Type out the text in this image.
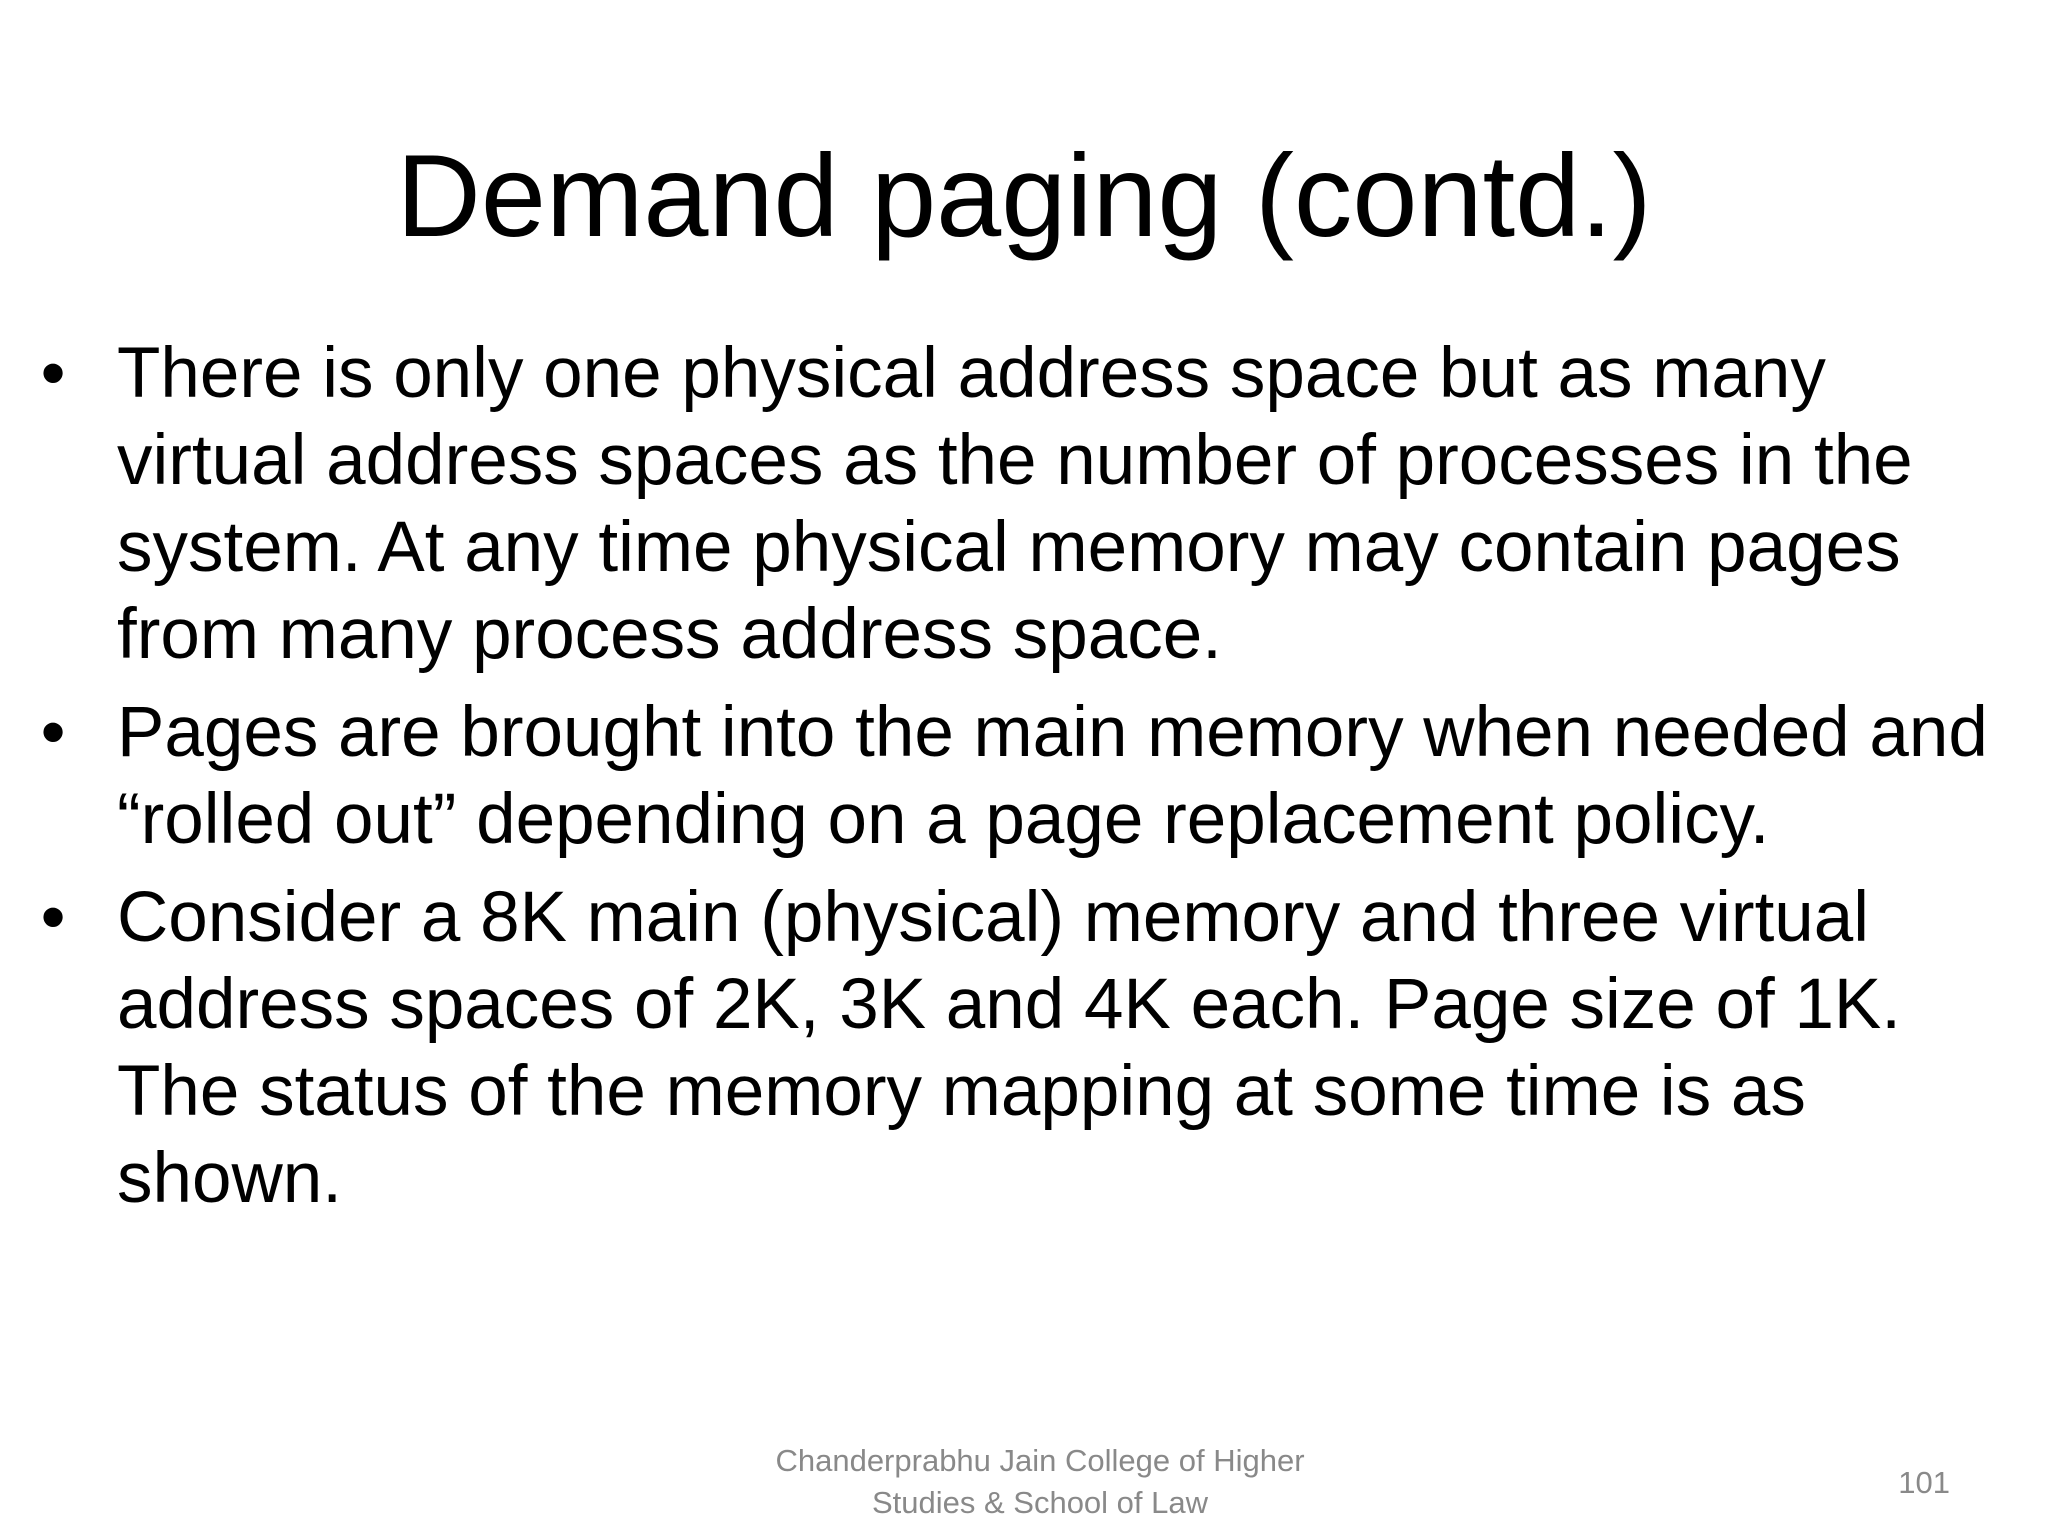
Demand paging (contd.)
• There is only one physical address space but as many virtual address spaces as the number of processes in the system. At any time physical memory may contain pages from many process address space.
• Pages are brought into the main memory when needed and “rolled out” depending on a page replacement policy.
• Consider a 8K main (physical) memory and three virtual address spaces of 2K, 3K and 4K each. Page size of 1K. The status of the memory mapping at some time is as shown.
Chanderprabhu Jain College of Higher
Studies & School of Law
101
